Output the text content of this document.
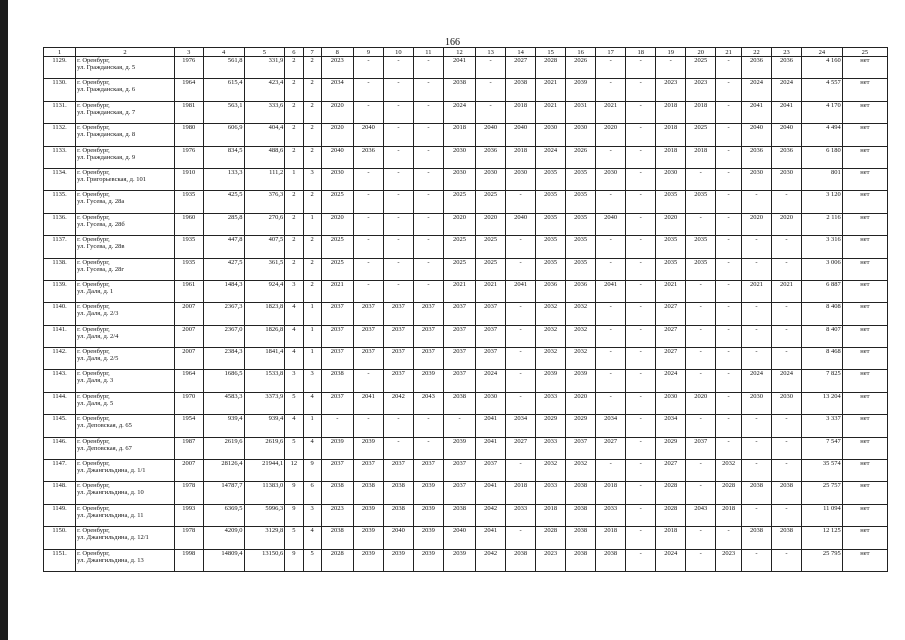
166
1	2	3	4	5	6	7	8	9	10	11	12	13	14	15	16	17	18	19	20	21	22	23	24	25
1129.	г. Оренбург,
ул. Гражданская, д. 5	1976	561,8	331,9	2	2	2023	-	-	-	2041	-	2027	2028	2026	-	-	-	2025	-	2036	2036	4 160	нет
1130.	г. Оренбург,
ул. Гражданская, д. 6	1964	615,4	423,4	2	2	2034	-	-	-	2038	-	2038	2021	2039	-	-	2023	2023	-	2024	2024	4 557	нет
1131.	г. Оренбург,
ул. Гражданская, д. 7	1981	563,1	333,6	2	2	2020	-	-	-	2024	-	2018	2021	2031	2021	-	2018	2018	-	2041	2041	4 170	нет
1132.	г. Оренбург,
ул. Гражданская, д. 8	1980	606,9	404,4	2	2	2020	2040	-	-	2018	2040	2040	2030	2030	2020	-	2018	2025	-	2040	2040	4 494	нет
1133.	г. Оренбург,
ул. Гражданская, д. 9	1976	834,5	488,6	2	2	2040	2036	-	-	2030	2036	2018	2024	2026	-	-	2018	2018	-	2036	2036	6 180	нет
1134.	г. Оренбург,
ул. Григорьевская, д. 101	1910	133,3	111,2	1	3	2030	-	-	-	2030	2030	2030	2035	2035	2030	-	2030	-	-	2030	2030	801	нет
1135.	г. Оренбург,
ул. Гусева, д. 28а	1935	425,5	376,3	2	2	2025	-	-	-	2025	2025	-	2035	2035	-	-	2035	2035	-	-	-	3 120	нет
1136.	г. Оренбург,
ул. Гусева, д. 28б	1960	285,8	270,6	2	1	2020	-	-	-	2020	2020	2040	2035	2035	2040	-	2020	-	-	2020	2020	2 116	нет
1137.	г. Оренбург,
ул. Гусева, д. 28в	1935	447,8	407,5	2	2	2025	-	-	-	2025	2025	-	2035	2035	-	-	2035	2035	-	-	-	3 316	нет
1138.	г. Оренбург,
ул. Гусева, д. 28г	1935	427,5	361,5	2	2	2025	-	-	-	2025	2025	-	2035	2035	-	-	2035	2035	-	-	-	3 006	нет
1139.	г. Оренбург,
ул. Даля, д. 1	1961	1484,3	924,4	3	2	2021	-	-	-	2021	2021	2041	2036	2036	2041	-	2021	-	-	2021	2021	6 887	нет
1140.	г. Оренбург,
ул. Даля, д. 2/3	2007	2367,3	1823,8	4	1	2037	2037	2037	2037	2037	2037	-	2032	2032	-	-	2027	-	-	-	-	8 408	нет
1141.	г. Оренбург,
ул. Даля, д. 2/4	2007	2367,0	1826,8	4	1	2037	2037	2037	2037	2037	2037	-	2032	2032	-	-	2027	-	-	-	-	8 407	нет
1142.	г. Оренбург,
ул. Даля, д. 2/5	2007	2384,3	1841,4	4	1	2037	2037	2037	2037	2037	2037	-	2032	2032	-	-	2027	-	-	-	-	8 468	нет
1143.	г. Оренбург,
ул. Даля, д. 3	1964	1686,5	1533,8	3	3	2038	-	2037	2039	2037	2024	-	2039	2039	-	-	2024	-	-	2024	2024	7 825	нет
1144.	г. Оренбург,
ул. Даля, д. 5	1970	4583,3	3373,9	5	4	2037	2041	2042	2043	2038	2030	-	2033	2020	-	-	2030	2020	-	2030	2030	13 204	нет
1145.	г. Оренбург,
ул. Деповская, д. 65	1954	939,4	939,4	4	1	-	-	-	-	-	2041	2034	2029	2029	2034	-	2034	-	-	-	-	3 337	нет
1146.	г. Оренбург,
ул. Деповская, д. 67	1987	2619,6	2619,6	5	4	2039	2039	-	-	2039	2041	2027	2033	2037	2027	-	2029	2037	-	-	-	7 547	нет
1147.	г. Оренбург,
ул. Джангильдина, д. 1/1	2007	28126,4	21944,1	12	9	2037	2037	2037	2037	2037	2037	-	2032	2032	-	-	2027	-	2032	-	-	35 574	нет
1148.	г. Оренбург,
ул. Джангильдина, д. 10	1978	14787,7	11383,0	9	6	2038	2038	2038	2039	2037	2041	2018	2033	2038	2018	-	2028	-	2028	2038	2038	25 757	нет
1149.	г. Оренбург,
ул. Джангильдина, д. 11	1993	6369,5	5996,3	9	3	2023	2039	2038	2039	2038	2042	2033	2018	2038	2033	-	2028	2043	2018	-	-	11 094	нет
1150.	г. Оренбург,
ул. Джангильдина, д. 12/1	1978	4209,0	3129,8	5	4	2038	2039	2040	2039	2040	2041	-	2028	2038	2018	-	2018	-	-	2038	2038	12 125	нет
1151.	г. Оренбург,
ул. Джангильдина, д. 13	1998	14809,4	13150,6	9	5	2028	2039	2039	2039	2039	2042	2038	2023	2038	2038	-	2024	-	2023	-	-	25 795	нет
